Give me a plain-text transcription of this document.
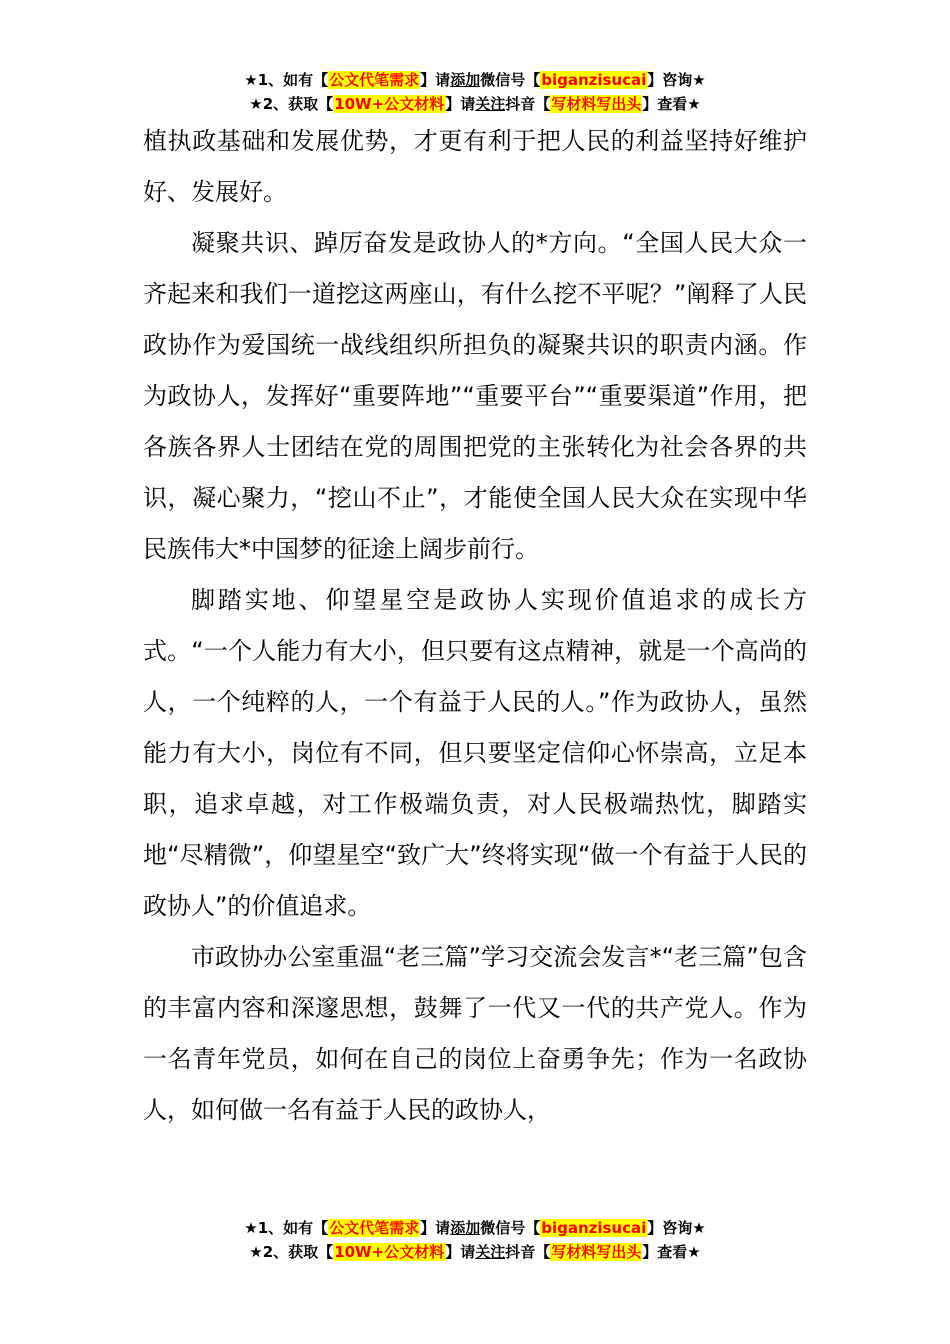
★1、如有【公文代笔需求】请添加微信号【biganzisucai】咨询★
★2、获取【10W+公文材料】请关注抖音【写材料写出头】查看★

植执政基础和发展优势，才更有利于把人民的利益坚持好维护好、发展好。

凝聚共识、踔厉奋发是政协人的*方向。“全国人民大众一齐起来和我们一道挖这两座山，有什么挖不平呢？”阐释了人民政协作为爱国统一战线组织所担负的凝聚共识的职责内涵。作为政协人，发挥好“重要阵地”“重要平台”“重要渠道”作用，把各族各界人士团结在党的周围把党的主张转化为社会各界的共识，凝心聚力，“挖山不止”，才能使全国人民大众在实现中华民族伟大*中国梦的征途上阔步前行。

脚踏实地、仰望星空是政协人实现价值追求的成长方式。“一个人能力有大小，但只要有这点精神，就是一个高尚的人，一个纯粹的人，一个有益于人民的人。”作为政协人，虽然能力有大小，岗位有不同，但只要坚定信仰心怀崇高，立足本职，追求卓越，对工作极端负责，对人民极端热忱，脚踏实地“尽精微”，仰望星空“致广大”终将实现“做一个有益于人民的政协人”的价值追求。

市政协办公室重温“老三篇”学习交流会发言*“老三篇”包含的丰富内容和深邃思想，鼓舞了一代又一代的共产党人。作为一名青年党员，如何在自己的岗位上奋勇争先；作为一名政协人，如何做一名有益于人民的政协人，

★1、如有【公文代笔需求】请添加微信号【biganzisucai】咨询★
★2、获取【10W+公文材料】请关注抖音【写材料写出头】查看★
